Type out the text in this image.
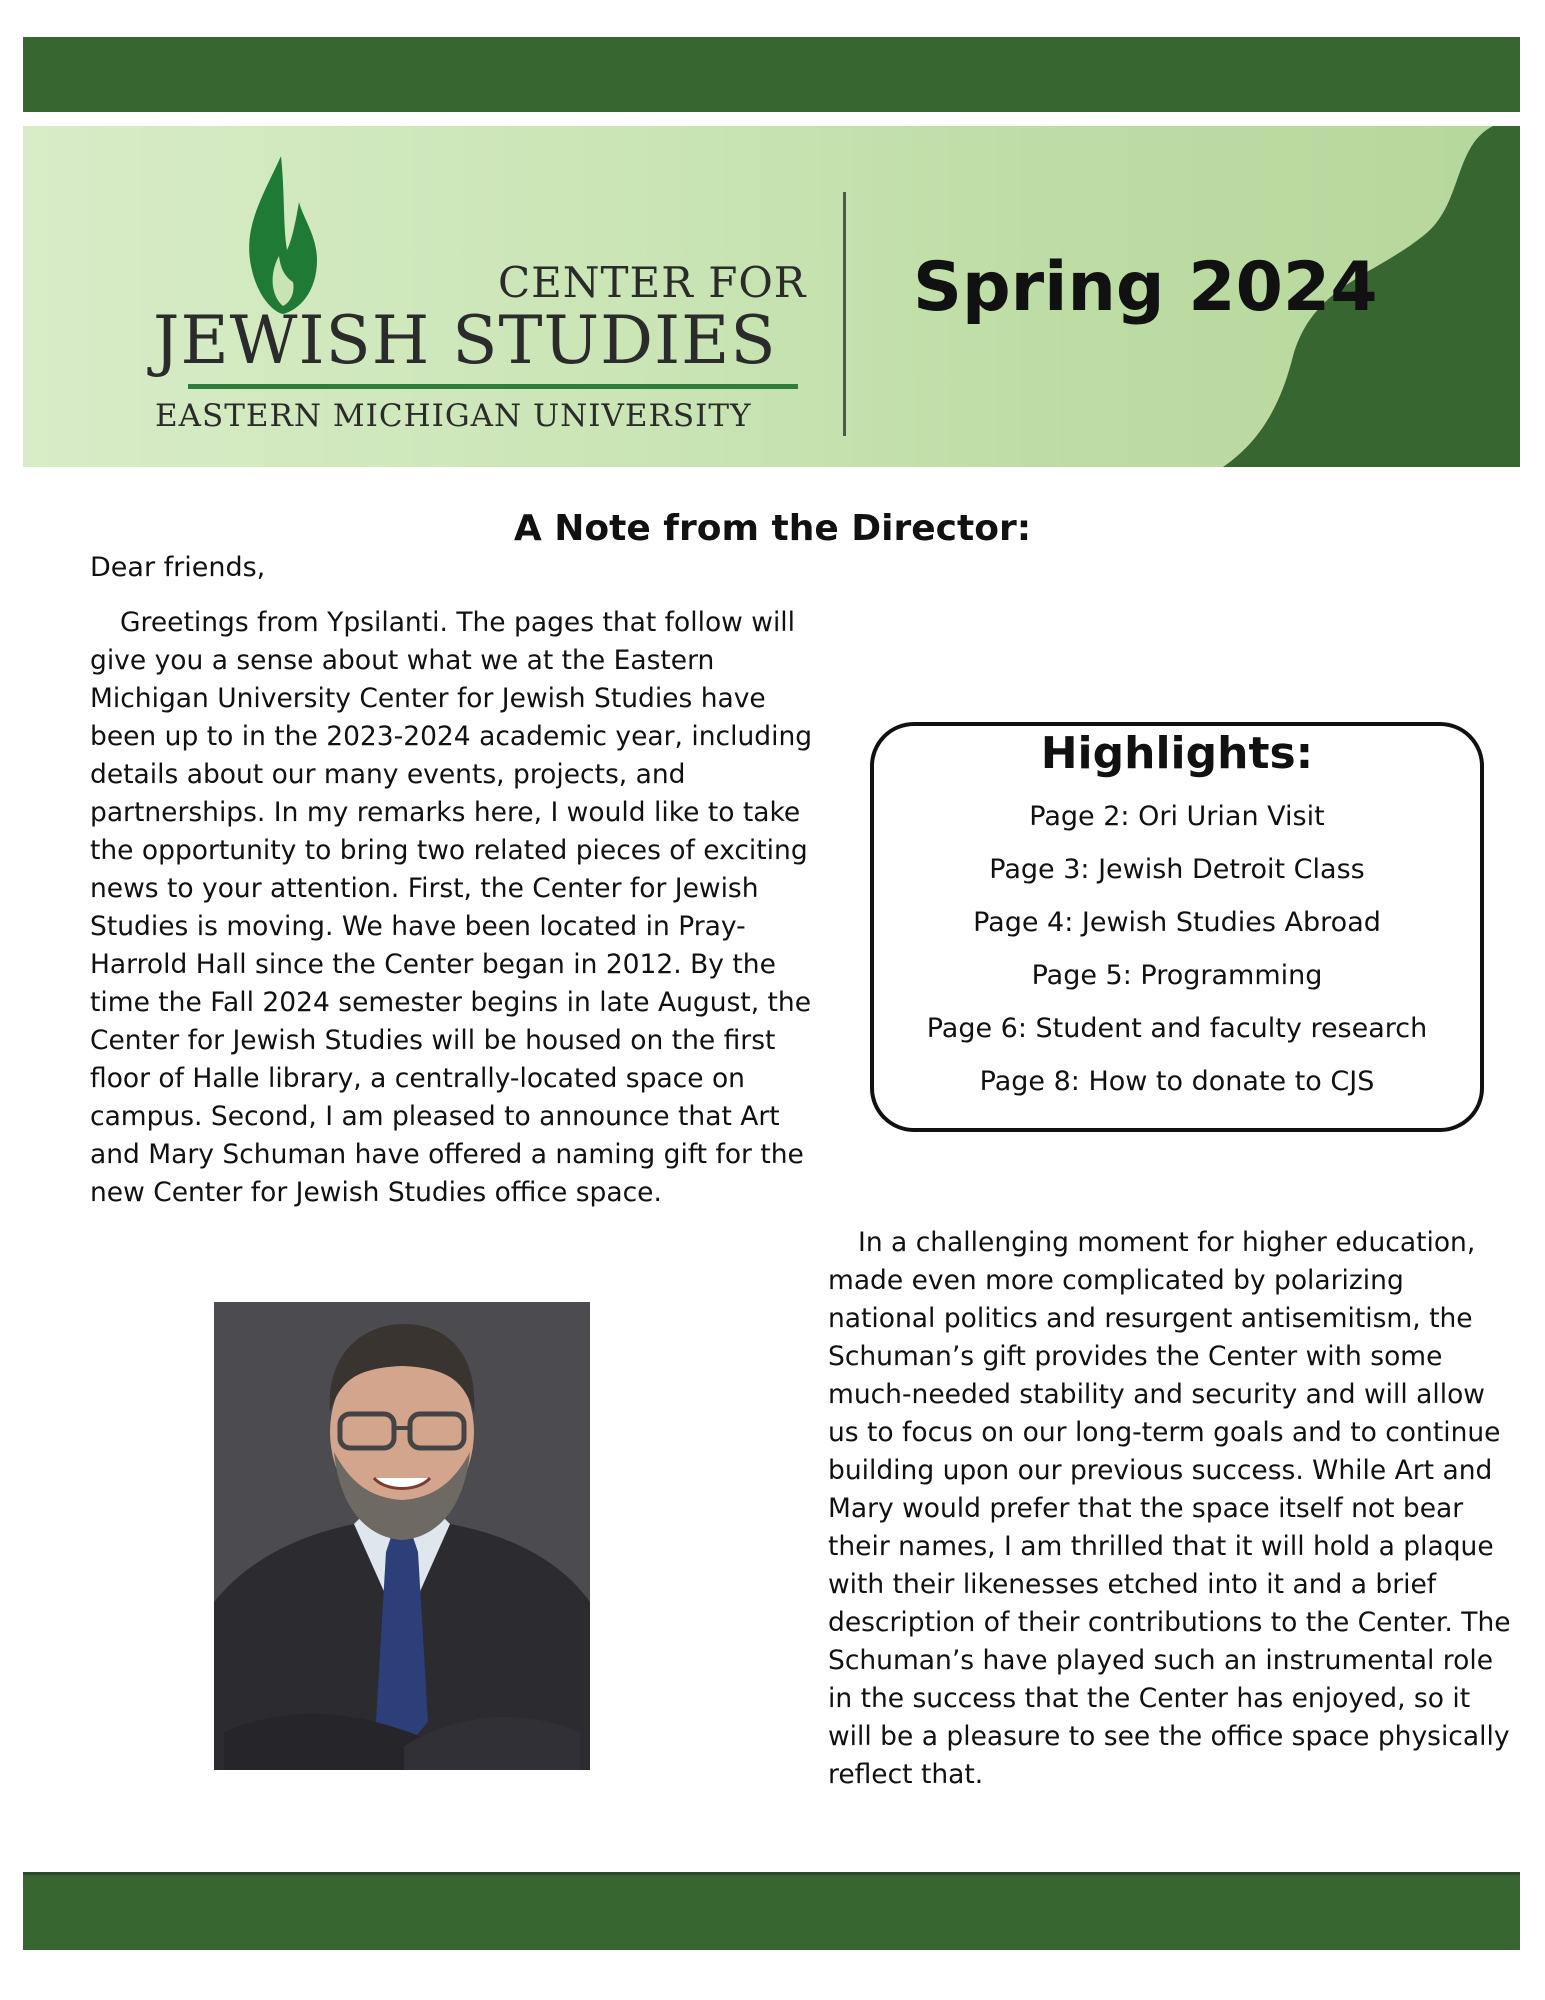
CENTER FOR
JEWISH STUDIES
EASTERN MICHIGAN UNIVERSITY
Spring 2024
A Note from the Director:
Dear friends,
Greetings from Ypsilanti. The pages that follow will give you a sense about what we at the Eastern Michigan University Center for Jewish Studies have been up to in the 2023-2024 academic year, including details about our many events, projects, and partnerships. In my remarks here, I would like to take the opportunity to bring two related pieces of exciting news to your attention. First, the Center for Jewish Studies is moving. We have been located in Pray-Harrold Hall since the Center began in 2012. By the time the Fall 2024 semester begins in late August, the Center for Jewish Studies will be housed on the first floor of Halle library, a centrally-located space on campus. Second, I am pleased to announce that Art and Mary Schuman have offered a naming gift for the new Center for Jewish Studies office space.
Highlights:
Page 2: Ori Urian Visit
Page 3: Jewish Detroit Class
Page 4: Jewish Studies Abroad
Page 5: Programming
Page 6: Student and faculty research
Page 8: How to donate to CJS
In a challenging moment for higher education, made even more complicated by polarizing national politics and resurgent antisemitism, the Schuman’s gift provides the Center with some much-needed stability and security and will allow us to focus on our long-term goals and to continue building upon our previous success. While Art and Mary would prefer that the space itself not bear their names, I am thrilled that it will hold a plaque with their likenesses etched into it and a brief description of their contributions to the Center. The Schuman’s have played such an instrumental role in the success that the Center has enjoyed, so it will be a pleasure to see the office space physically reflect that.
